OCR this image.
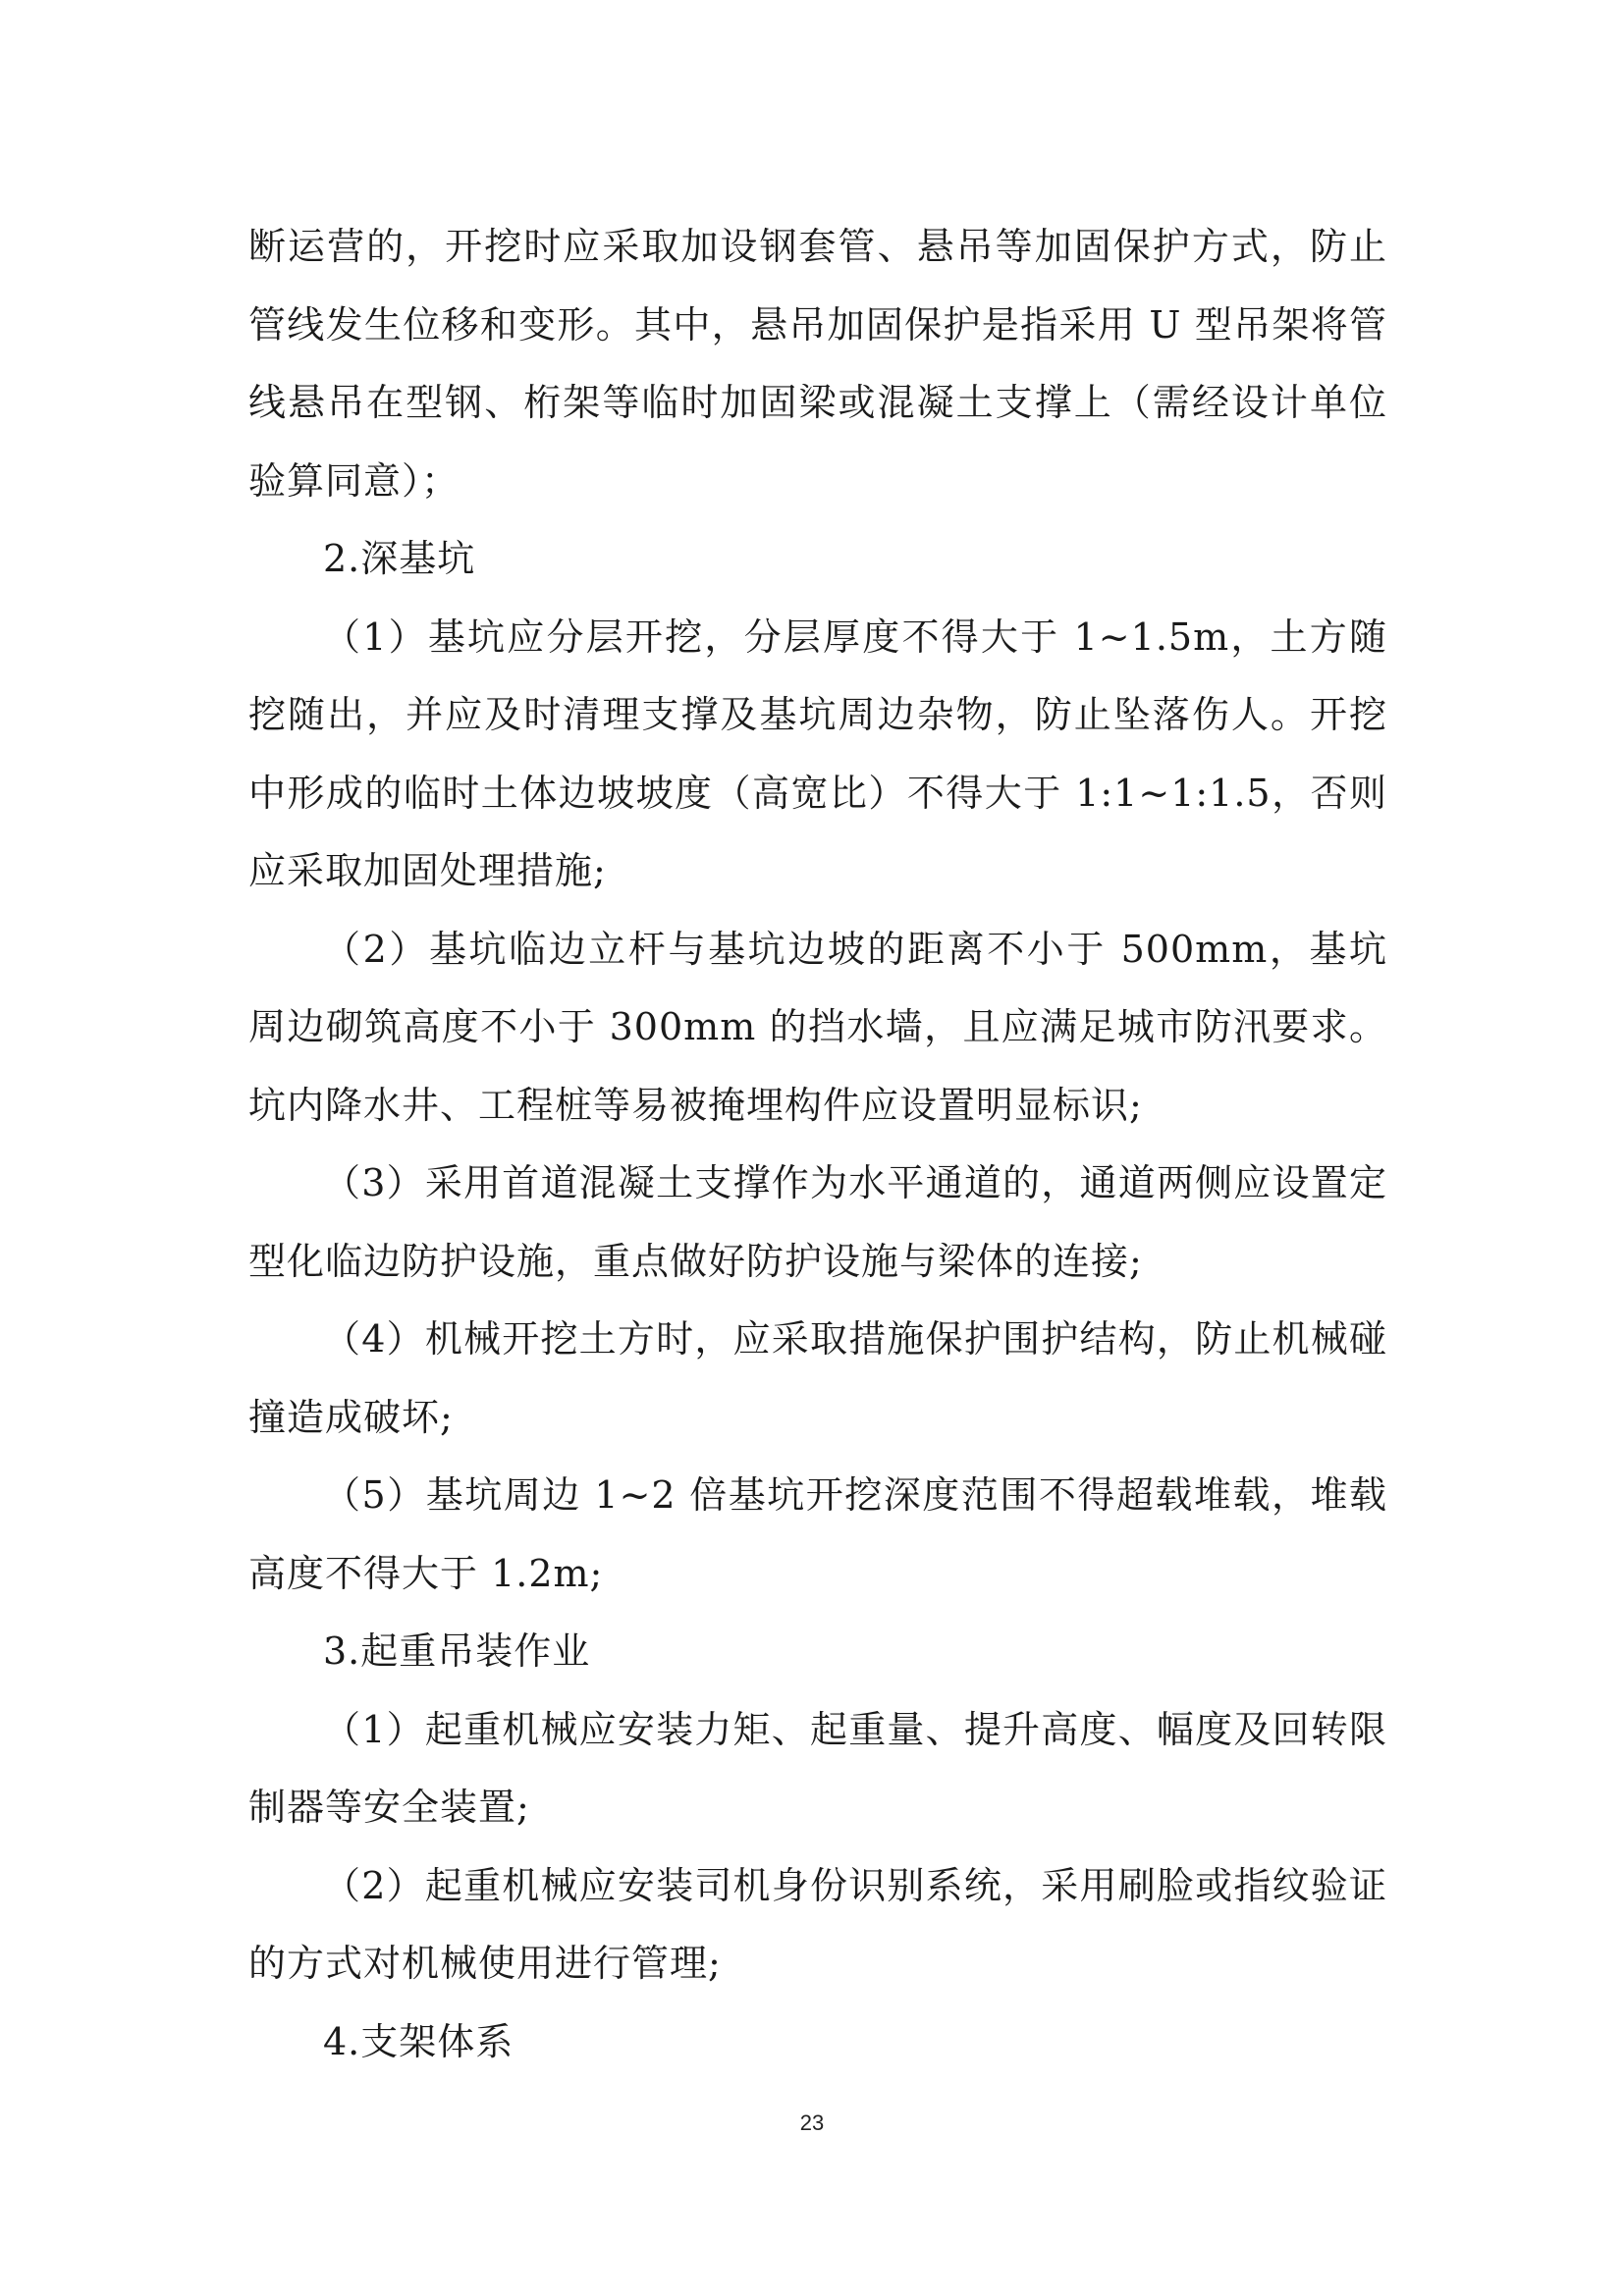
断运营的，开挖时应采取加设钢套管、悬吊等加固保护方式，防止管线发生位移和变形。其中，悬吊加固保护是指采用 U 型吊架将管线悬吊在型钢、桁架等临时加固梁或混凝土支撑上（需经设计单位验算同意）；

2.深基坑

（1）基坑应分层开挖，分层厚度不得大于 1~1.5m，土方随挖随出，并应及时清理支撑及基坑周边杂物，防止坠落伤人。开挖中形成的临时土体边坡坡度（高宽比）不得大于 1:1~1:1.5，否则应采取加固处理措施;

（2）基坑临边立杆与基坑边坡的距离不小于 500mm，基坑周边砌筑高度不小于 300mm 的挡水墙，且应满足城市防汛要求。坑内降水井、工程桩等易被掩埋构件应设置明显标识;

（3）采用首道混凝土支撑作为水平通道的，通道两侧应设置定型化临边防护设施，重点做好防护设施与梁体的连接;

（4）机械开挖土方时，应采取措施保护围护结构，防止机械碰撞造成破坏;

（5）基坑周边 1~2 倍基坑开挖深度范围不得超载堆载，堆载高度不得大于 1.2m;

3.起重吊装作业

（1）起重机械应安装力矩、起重量、提升高度、幅度及回转限制器等安全装置;

（2）起重机械应安装司机身份识别系统，采用刷脸或指纹验证的方式对机械使用进行管理;

4.支架体系

23
